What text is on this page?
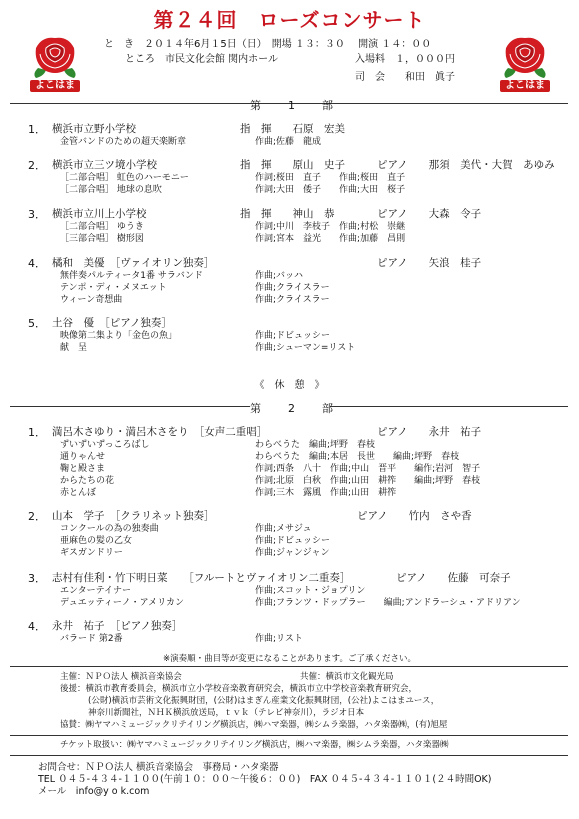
よこはま	よこはま
第２４回　ローズコンサート
と　き　２０１４年6月１5日（日）　開場 １３：３０　 開演 １４：００
ところ　市民文化会館 関内ホール	入場料　１，０００円
司　会　　和田　眞子
第　1　部
1． 横浜市立野小学校	指　揮　　石原　宏美
金管バンドのための超天楽断章	作曲;佐藤　龍成
2． 横浜市立三ツ境小学校	指　揮　　原山　史子	ピアノ　　那須　美代・大賀　あゆみ
［二部合唱］ 虹色のハーモニー	作詞;桜田　直子　　作曲;桜田　直子
［二部合唱］ 地球の息吹	作詞;大田　倭子　　作曲;大田　桜子
3． 横浜市立川上小学校	指　揮　　神山　恭	ピアノ　　大森　令子
［二部合唱］ ゆうき	作詞;中川　李枝子　作曲;村松　崇継
［三部合唱］ 樹形図	作詞;宮本　益光　　作曲;加藤　昌則
4． 橘和　美優　［ヴァイオリン独奏］	ピアノ　　矢浪　桂子
無伴奏パルティータ1番 サラバンド	作曲;バッハ
テンポ・ディ・メヌエット	作曲;クライスラー
ウィーン奇想曲	作曲;クライスラー
5． 土谷　優　［ピアノ独奏］
映像第二集より「金色の魚」	作曲;ドビュッシー
献　呈	作曲;シューマン=リスト
《　休　憩　》
第　2　部
1． 満呂木さゆり・満呂木さをり　［女声二重唱］	ピアノ　　永井　祐子
ずいずいずっころばし	わらべうた　編曲;坪野　春枝
通りゃんせ	わらべうた　編曲;本居　長世　　編曲;坪野　春枝
鞠と殿さま	作詞;西条　八十　作曲;中山　晋平　　編作;岩河　智子
からたちの花	作詞;北原　白秋　作曲;山田　耕筰　　編曲;坪野　春枝
赤とんぼ	作詞;三木　露風　作曲;山田　耕筰
2． 山本　学子　［クラリネット独奏］	ピアノ　　竹内　さや香
コンクールの為の独奏曲	作曲;メサジュ
亜麻色の髪の乙女	作曲;ドビュッシー
ギスガンドリー	作曲;ジャンジャン
3． 志村有佳利・竹下明日菜　　［フルートとヴァイオリン二重奏］	ピアノ　　佐藤　可奈子
エンターテイナー	作曲;スコット・ジョプリン
デュエッティーノ・アメリカン	作曲;フランツ・ドップラー　　編曲;アンドラーシュ・アドリアン
4． 永井　祐子　［ピアノ独奏］
バラード 第2番	作曲;リスト
※演奏順・曲目等が変更になることがあります。ご了承ください。
主催：ＮＰＯ法人 横浜音楽協会	共催：横浜市文化観光局
後援：横浜市教育委員会，横浜市立小学校音楽教育研究会，横浜市立中学校音楽教育研究会，
(公財)横浜市芸術文化振興財団，(公財)はまぎん産業文化振興財団，(公社)よこはまユース，
神奈川新聞社，ＮＨＫ横浜放送局，ｔｖｋ（テレビ神奈川），ラジオ日本
協賛：㈱ヤマハミュージックリテイリング横浜店，㈱ハマ楽器，㈱シムラ楽器，ハタ楽器㈱，(有)旭屋
チケット取扱い：㈱ヤマハミュージックリテイリング横浜店，㈱ハマ楽器，㈱シムラ楽器，ハタ楽器㈱
お問合せ：ＮＰＯ法人 横浜音楽協会　事務局・ハタ楽器
TEL ０４５-４３４-１１００(午前１０：００～午後６：００)　FAX ０４５-４３４-１１０１(２４時間OK)
メール　info@y o k.com
